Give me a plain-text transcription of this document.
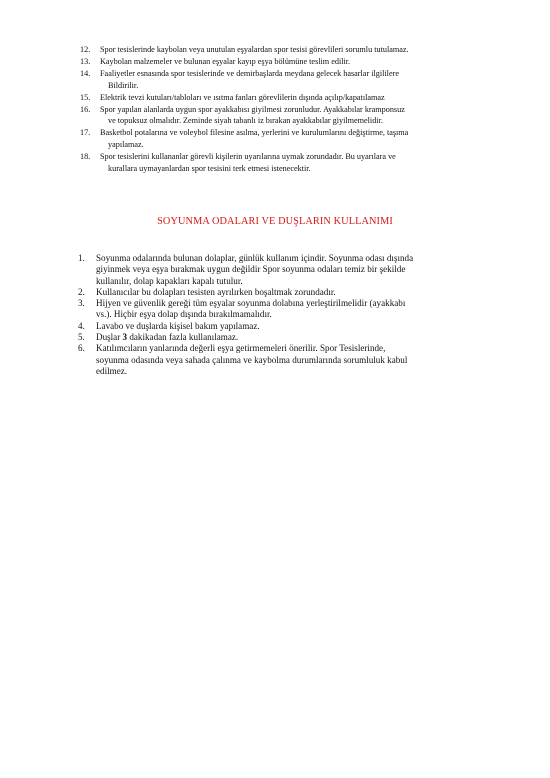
12. Spor tesislerinde kaybolan veya unutulan eşyalardan spor tesisi görevlileri sorumlu tutulamaz.
13. Kaybolan malzemeler ve bulunan eşyalar kayıp eşya bölümüne teslim edilir.
14. Faaliyetler esnasında spor tesislerinde ve demirbaşlarda meydana gelecek hasarlar ilgililere
Bildirilir.
15. Elektrik tevzi kutuları/tabloları ve ısıtma fanları görevlilerin dışında açılıp/kapatılamaz
16. Spor yapılan alanlarda uygun spor ayakkabısı giyilmesi zorunludur. Ayakkabılar kramponsuz
ve topuksuz olmalıdır. Zeminde siyah tabanlı iz bırakan ayakkabılar giyilmemelidir.
17. Basketbol potalarına ve voleybol filesine asılma, yerlerini ve kurulumlarını değiştirme, taşıma
yapılamaz.
18. Spor tesislerini kullananlar görevli kişilerin uyarılarına uymak zorundadır. Bu uyarılara ve
kurallara uymayanlardan spor tesisini terk etmesi istenecektir.
SOYUNMA ODALARI VE DUŞLARIN KULLANIMI
1. Soyunma odalarında bulunan dolaplar, günlük kullanım içindir. Soyunma odası dışında
giyinmek veya eşya bırakmak uygun değildir Spor soyunma odaları temiz bir şekilde
kullanılır, dolap kapakları kapalı tutulur.
2. Kullanıcılar bu dolapları tesisten ayrılırken boşaltmak zorundadır.
3. Hijyen ve güvenlik gereği tüm eşyalar soyunma dolabına yerleştirilmelidir (ayakkabı
vs.). Hiçbir eşya dolap dışında bırakılmamalıdır.
4. Lavabo ve duşlarda kişisel bakım yapılamaz.
5. Duşlar 3 dakikadan fazla kullanılamaz.
6. Katılımcıların yanlarında değerli eşya getirmemeleri önerilir. Spor Tesislerinde,
soyunma odasında veya sahada çalınma ve kaybolma durumlarında sorumluluk kabul
edilmez.
